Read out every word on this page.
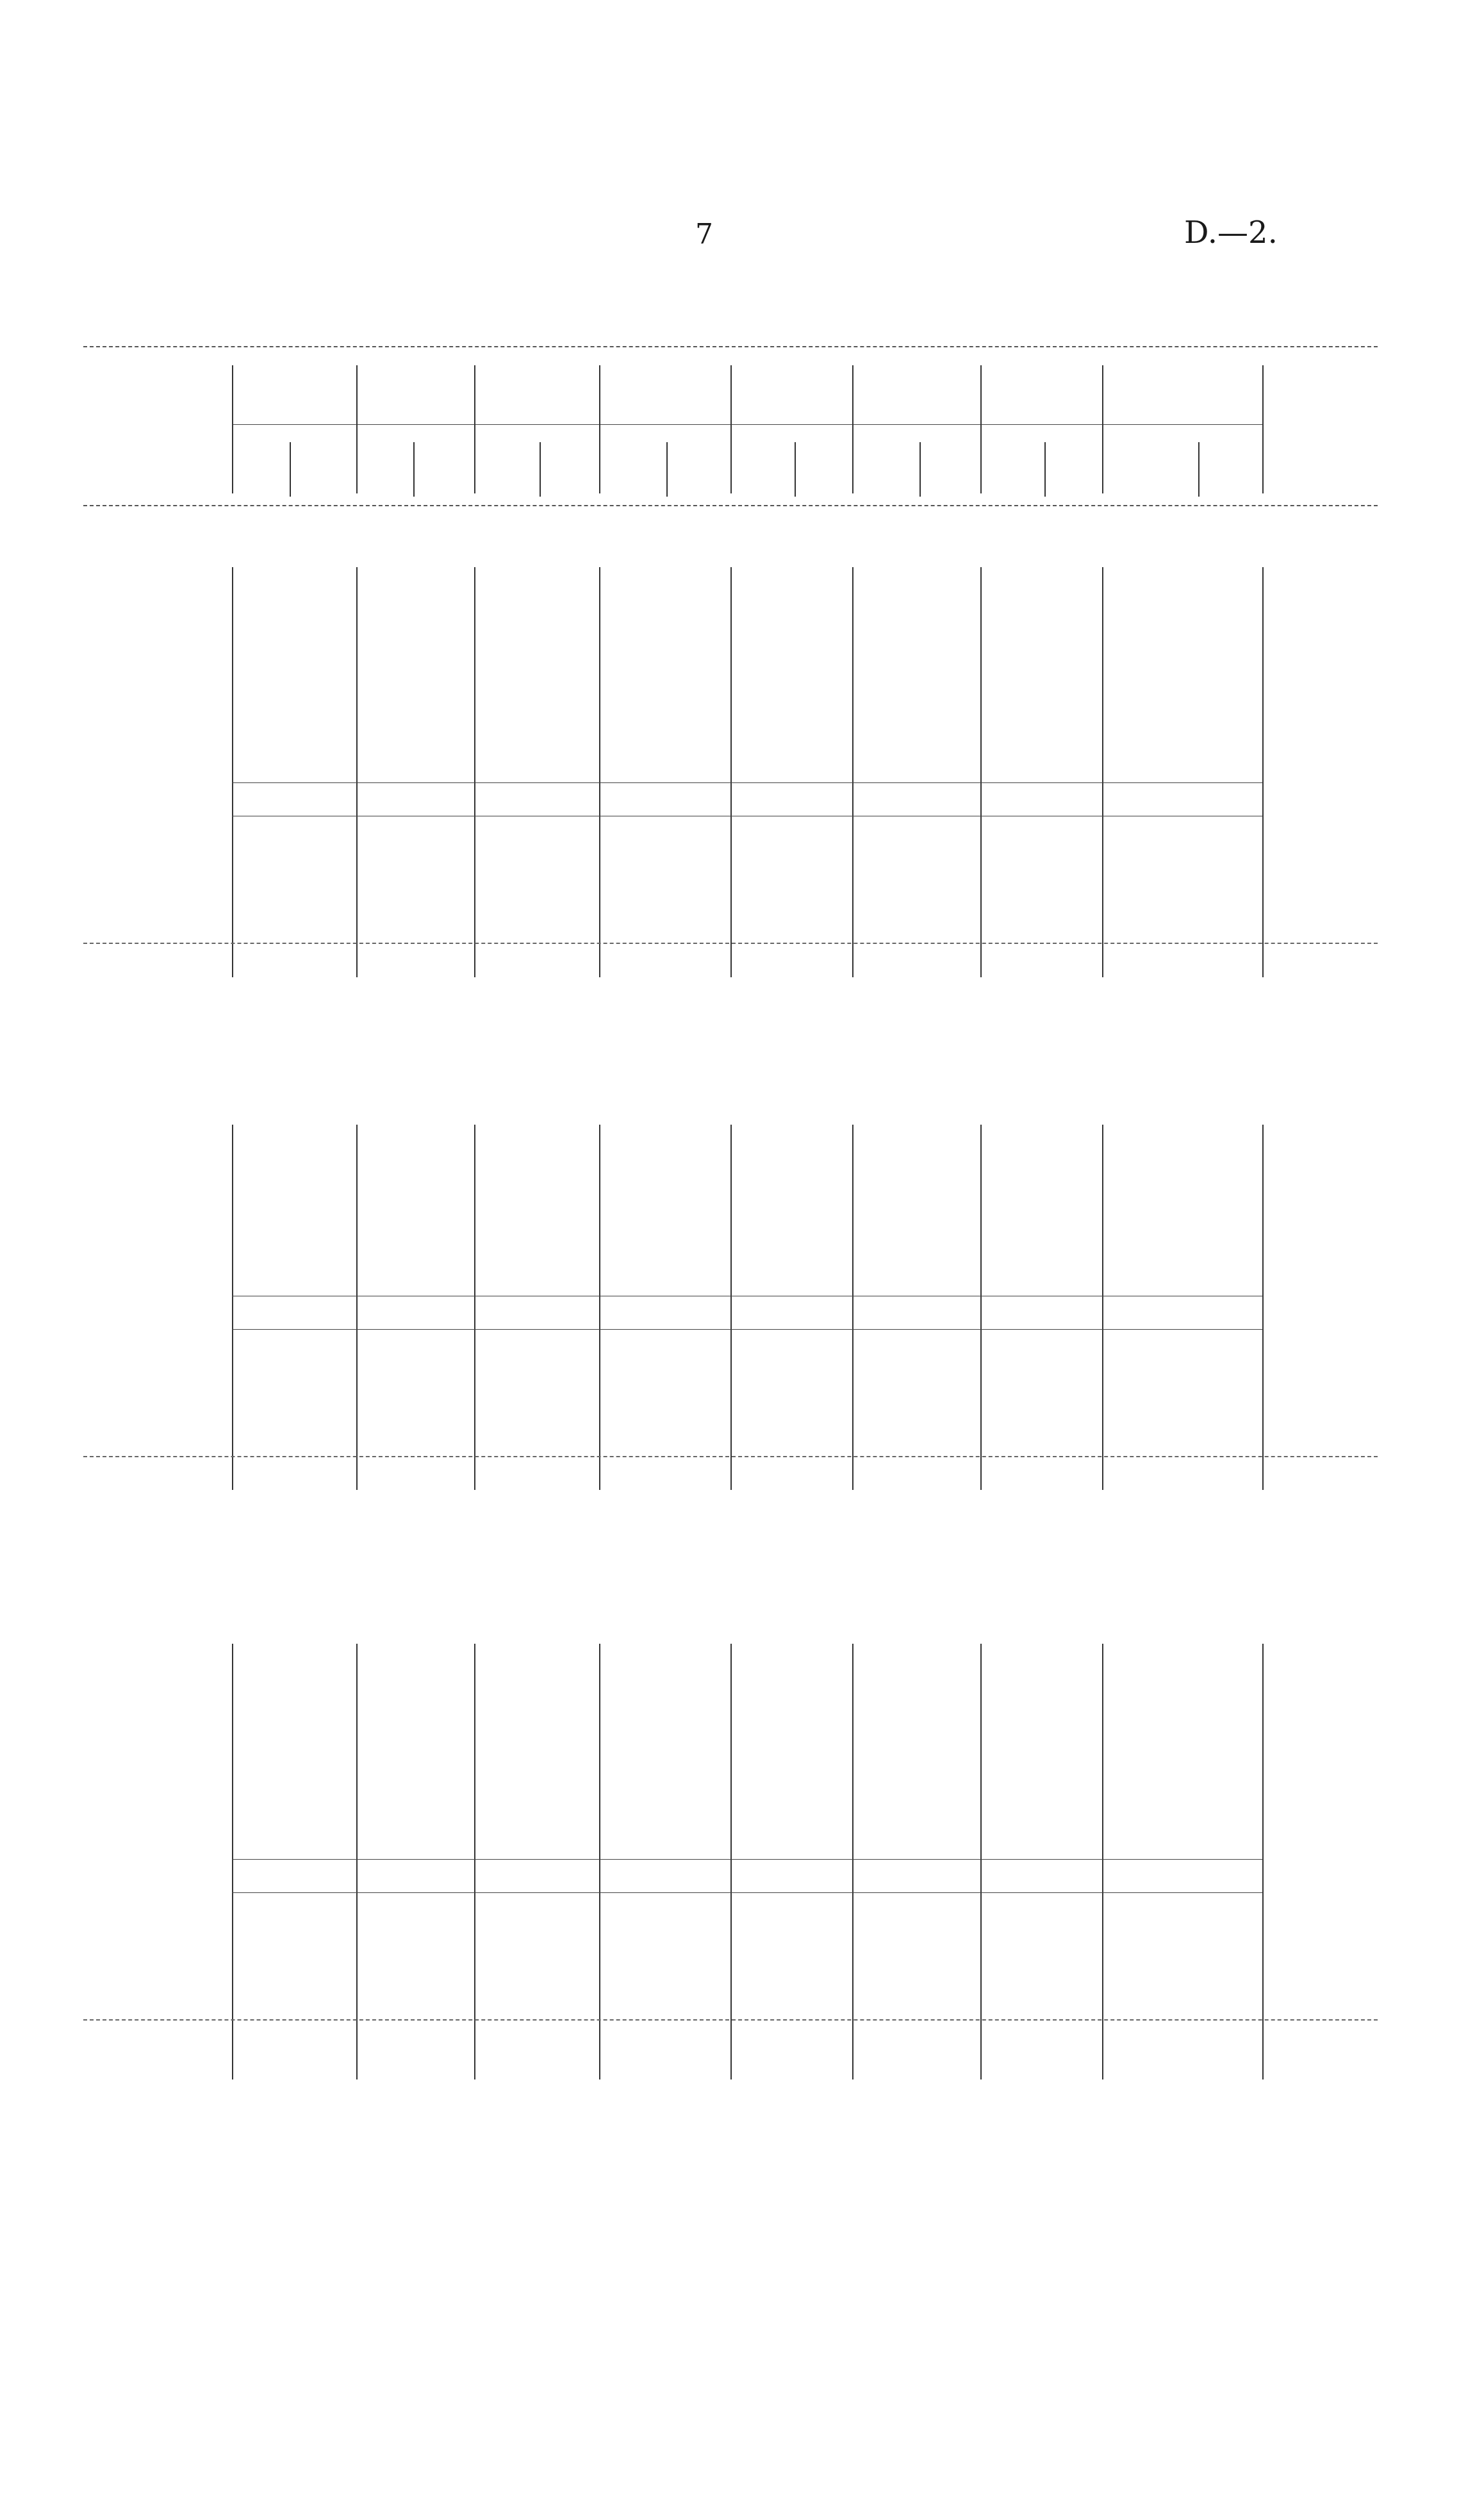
7	D.—2.
